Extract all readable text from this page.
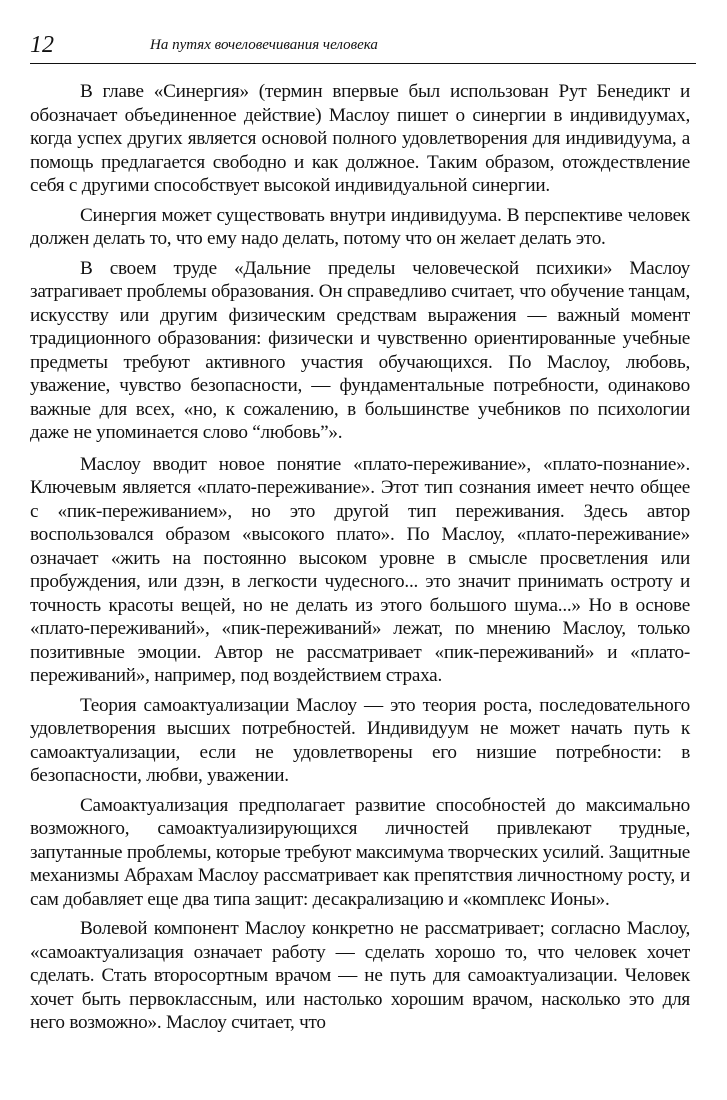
12	На путях вочеловечивания человека

В главе «Синергия» (термин впервые был использован Рут Бенедикт и обозначает объединенное действие) Маслоу пишет о синергии в индивидуумах, когда успех других является основой полного удовлетворения для индивидуума, а помощь предлагается свободно и как должное. Таким образом, отождествление себя с другими способствует высокой индивидуальной синергии.

Синергия может существовать внутри индивидуума. В перспективе человек должен делать то, что ему надо делать, потому что он желает делать это.

В своем труде «Дальние пределы человеческой психики» Маслоу затрагивает проблемы образования. Он справедливо считает, что обучение танцам, искусству или другим физическим средствам выражения — важный момент традиционного образования: физически и чувственно ориентированные учебные предметы требуют активного участия обучающихся. По Маслоу, любовь, уважение, чувство безопасности, — фундаментальные потребности, одинаково важные для всех, «но, к сожалению, в большинстве учебников по психологии даже не упоминается слово “любовь”».

Маслоу вводит новое понятие «плато-переживание», «плато-познание». Ключевым является «плато-переживание». Этот тип сознания имеет нечто общее с «пик-переживанием», но это другой тип переживания. Здесь автор воспользовался образом «высокого плато». По Маслоу, «плато-переживание» означает «жить на постоянно высоком уровне в смысле просветления или пробуждения, или дзэн, в легкости чудесного... это значит принимать остроту и точность красоты вещей, но не делать из этого большого шума...» Но в основе «плато-переживаний», «пик-переживаний» лежат, по мнению Маслоу, только позитивные эмоции. Автор не рассматривает «пик-переживаний» и «плато-переживаний», например, под воздействием страха.

Теория самоактуализации Маслоу — это теория роста, последовательного удовлетворения высших потребностей. Индивидуум не может начать путь к самоактуализации, если не удовлетворены его низшие потребности: в безопасности, любви, уважении.

Самоактуализация предполагает развитие способностей до максимально возможного, самоактуализирующихся личностей привлекают трудные, запутанные проблемы, которые требуют максимума творческих усилий. Защитные механизмы Абрахам Маслоу рассматривает как препятствия личностному росту, и сам добавляет еще два типа защит: десакрализацию и «комплекс Ионы».

Волевой компонент Маслоу конкретно не рассматривает; согласно Маслоу, «самоактуализация означает работу — сделать хорошо то, что человек хочет сделать. Стать второсортным врачом — не путь для самоактуализации. Человек хочет быть первоклассным, или настолько хорошим врачом, насколько это для него возможно». Маслоу считает, что
